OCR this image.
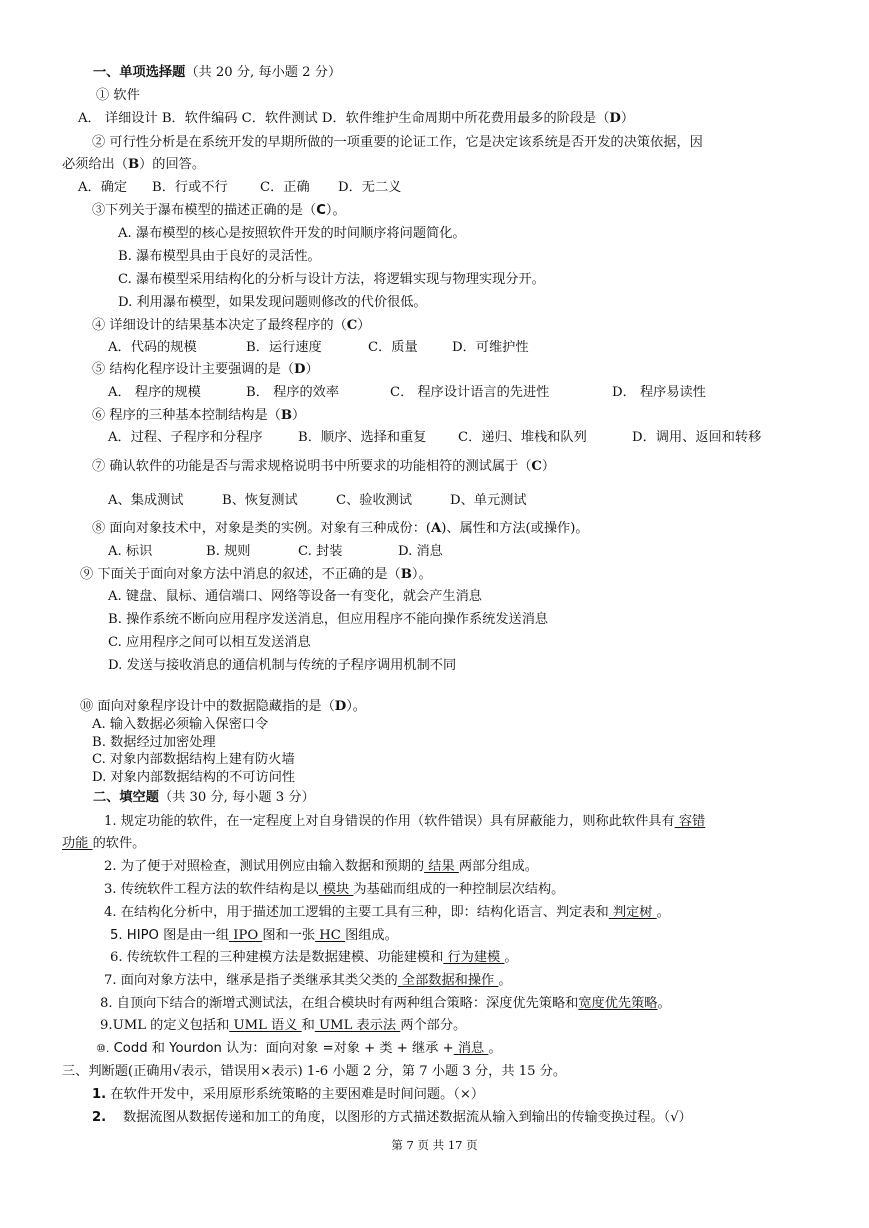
一、单项选择题（共 20 分, 每小题 2 分）
① 软件
A． 详细设计 B．软件编码 C．软件测试 D．软件维护生命周期中所花费用最多的阶段是（D）
② 可行性分析是在系统开发的早期所做的一项重要的论证工作，它是决定该系统是否开发的决策依据，因
必须给出（B）的回答。
A．确定 B．行或不行 C．正确 D．无二义
③下列关于瀑布模型的描述正确的是（C）。
A. 瀑布模型的核心是按照软件开发的时间顺序将问题简化。
B. 瀑布模型具由于良好的灵活性。
C. 瀑布模型采用结构化的分析与设计方法，将逻辑实现与物理实现分开。
D. 利用瀑布模型，如果发现问题则修改的代价很低。
④ 详细设计的结果基本决定了最终程序的（C）
A．代码的规模	B．运行速度	C．质量	D．可维护性
⑤ 结构化程序设计主要强调的是（D）
A． 程序的规模	B． 程序的效率	C． 程序设计语言的先进性	D． 程序易读性
⑥ 程序的三种基本控制结构是（B）
A．过程、子程序和分程序	B．顺序、选择和重复 C．递归、堆栈和队列	D．调用、返回和转移
⑦ 确认软件的功能是否与需求规格说明书中所要求的功能相符的测试属于（C）
A、集成测试	B、恢复测试	C、验收测试	D、单元测试
⑧ 面向对象技术中，对象是类的实例。对象有三种成份：(A)、属性和方法(或操作)。
A. 标识	B. 规则	C. 封装	D. 消息
⑨ 下面关于面向对象方法中消息的叙述，不正确的是（B）。
A. 键盘、鼠标、通信端口、网络等设备一有变化，就会产生消息
B. 操作系统不断向应用程序发送消息，但应用程序不能向操作系统发送消息
C. 应用程序之间可以相互发送消息
D. 发送与接收消息的通信机制与传统的子程序调用机制不同
⑩ 面向对象程序设计中的数据隐藏指的是（D）。
A. 输入数据必须输入保密口令
B. 数据经过加密处理
C. 对象内部数据结构上建有防火墙
D. 对象内部数据结构的不可访问性
二、填空题（共 30 分, 每小题 3 分）
1. 规定功能的软件，在一定程度上对自身错误的作用（软件错误）具有屏蔽能力，则称此软件具有 容错
功能 的软件。
2. 为了便于对照检查，测试用例应由输入数据和预期的 结果 两部分组成。
3. 传统软件工程方法的软件结构是以 模块 为基础而组成的一种控制层次结构。
4. 在结构化分析中，用于描述加工逻辑的主要工具有三种，即：结构化语言、判定表和 判定树 。
5. HIPO 图是由一组 IPO 图和一张 HC 图组成。
6. 传统软件工程的三种建模方法是数据建模、功能建模和 行为建模 。
7. 面向对象方法中，继承是指子类继承其类父类的 全部数据和操作 。
8. 自顶向下结合的渐增式测试法，在组合模块时有两种组合策略：深度优先策略和宽度优先策略。
9.UML 的定义包括和 UML 语义 和 UML 表示法 两个部分。
⑩. Codd 和 Yourdon 认为：面向对象 =对象 + 类 + 继承 + 消息 。
三、判断题(正确用√表示，错误用×表示) 1-6 小题 2 分，第 7 小题 3 分，共 15 分。
1. 在软件开发中，采用原形系统策略的主要困难是时间问题。（×）
2. 数据流图从数据传递和加工的角度，以图形的方式描述数据流从输入到输出的传输变换过程。（√）
第 7 页 共 17 页
